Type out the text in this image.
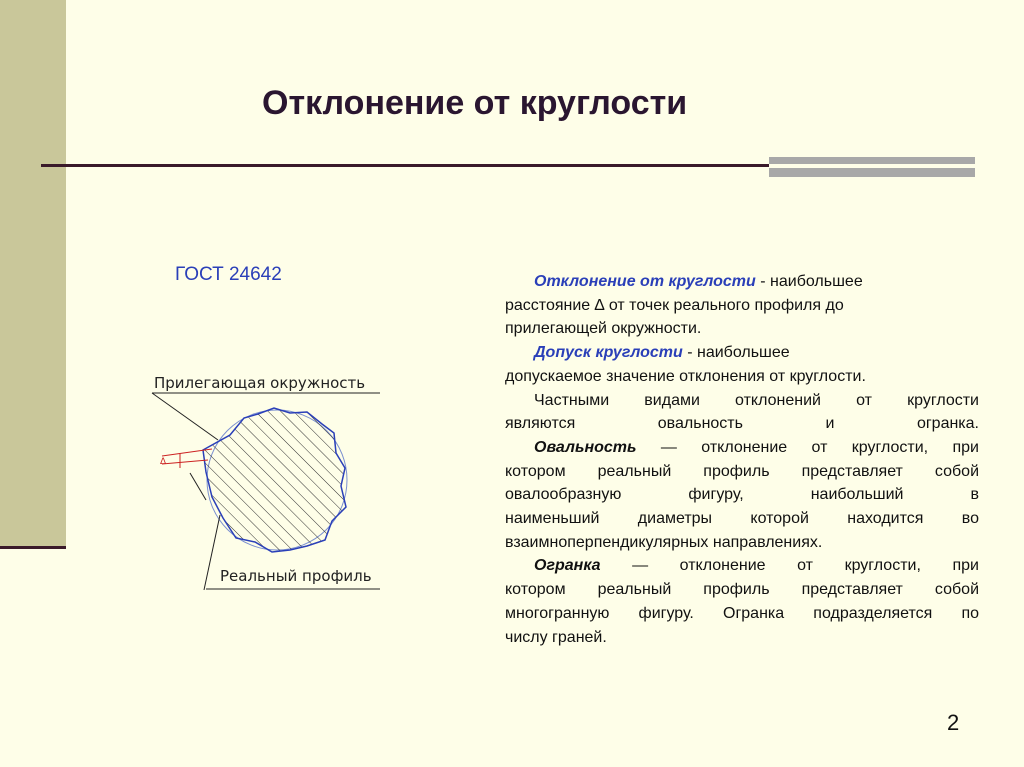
Отклонение от круглости
ГОСТ 24642
Прилегающая окружность
Δ
Реальный профиль

Отклонение от круглости - наибольшее

расстояние ∆ от точек реального профиля до

прилегающей окружности.

Допуск круглости - наибольшее

допускаемое значение отклонения от круглости.

Частными видами отклонений от круглости

являются овальность и огранка.

Овальность — отклонение от круглости, при

котором реальный профиль представляет собой

овалообразную фигуру, наибольший в

наименьший диаметры которой находится во

взаимноперпендикулярных направлениях.

Огранка — отклонение от круглости, при

котором реальный профиль представляет собой

многогранную фигуру. Огранка подразделяется по

числу граней.

2
